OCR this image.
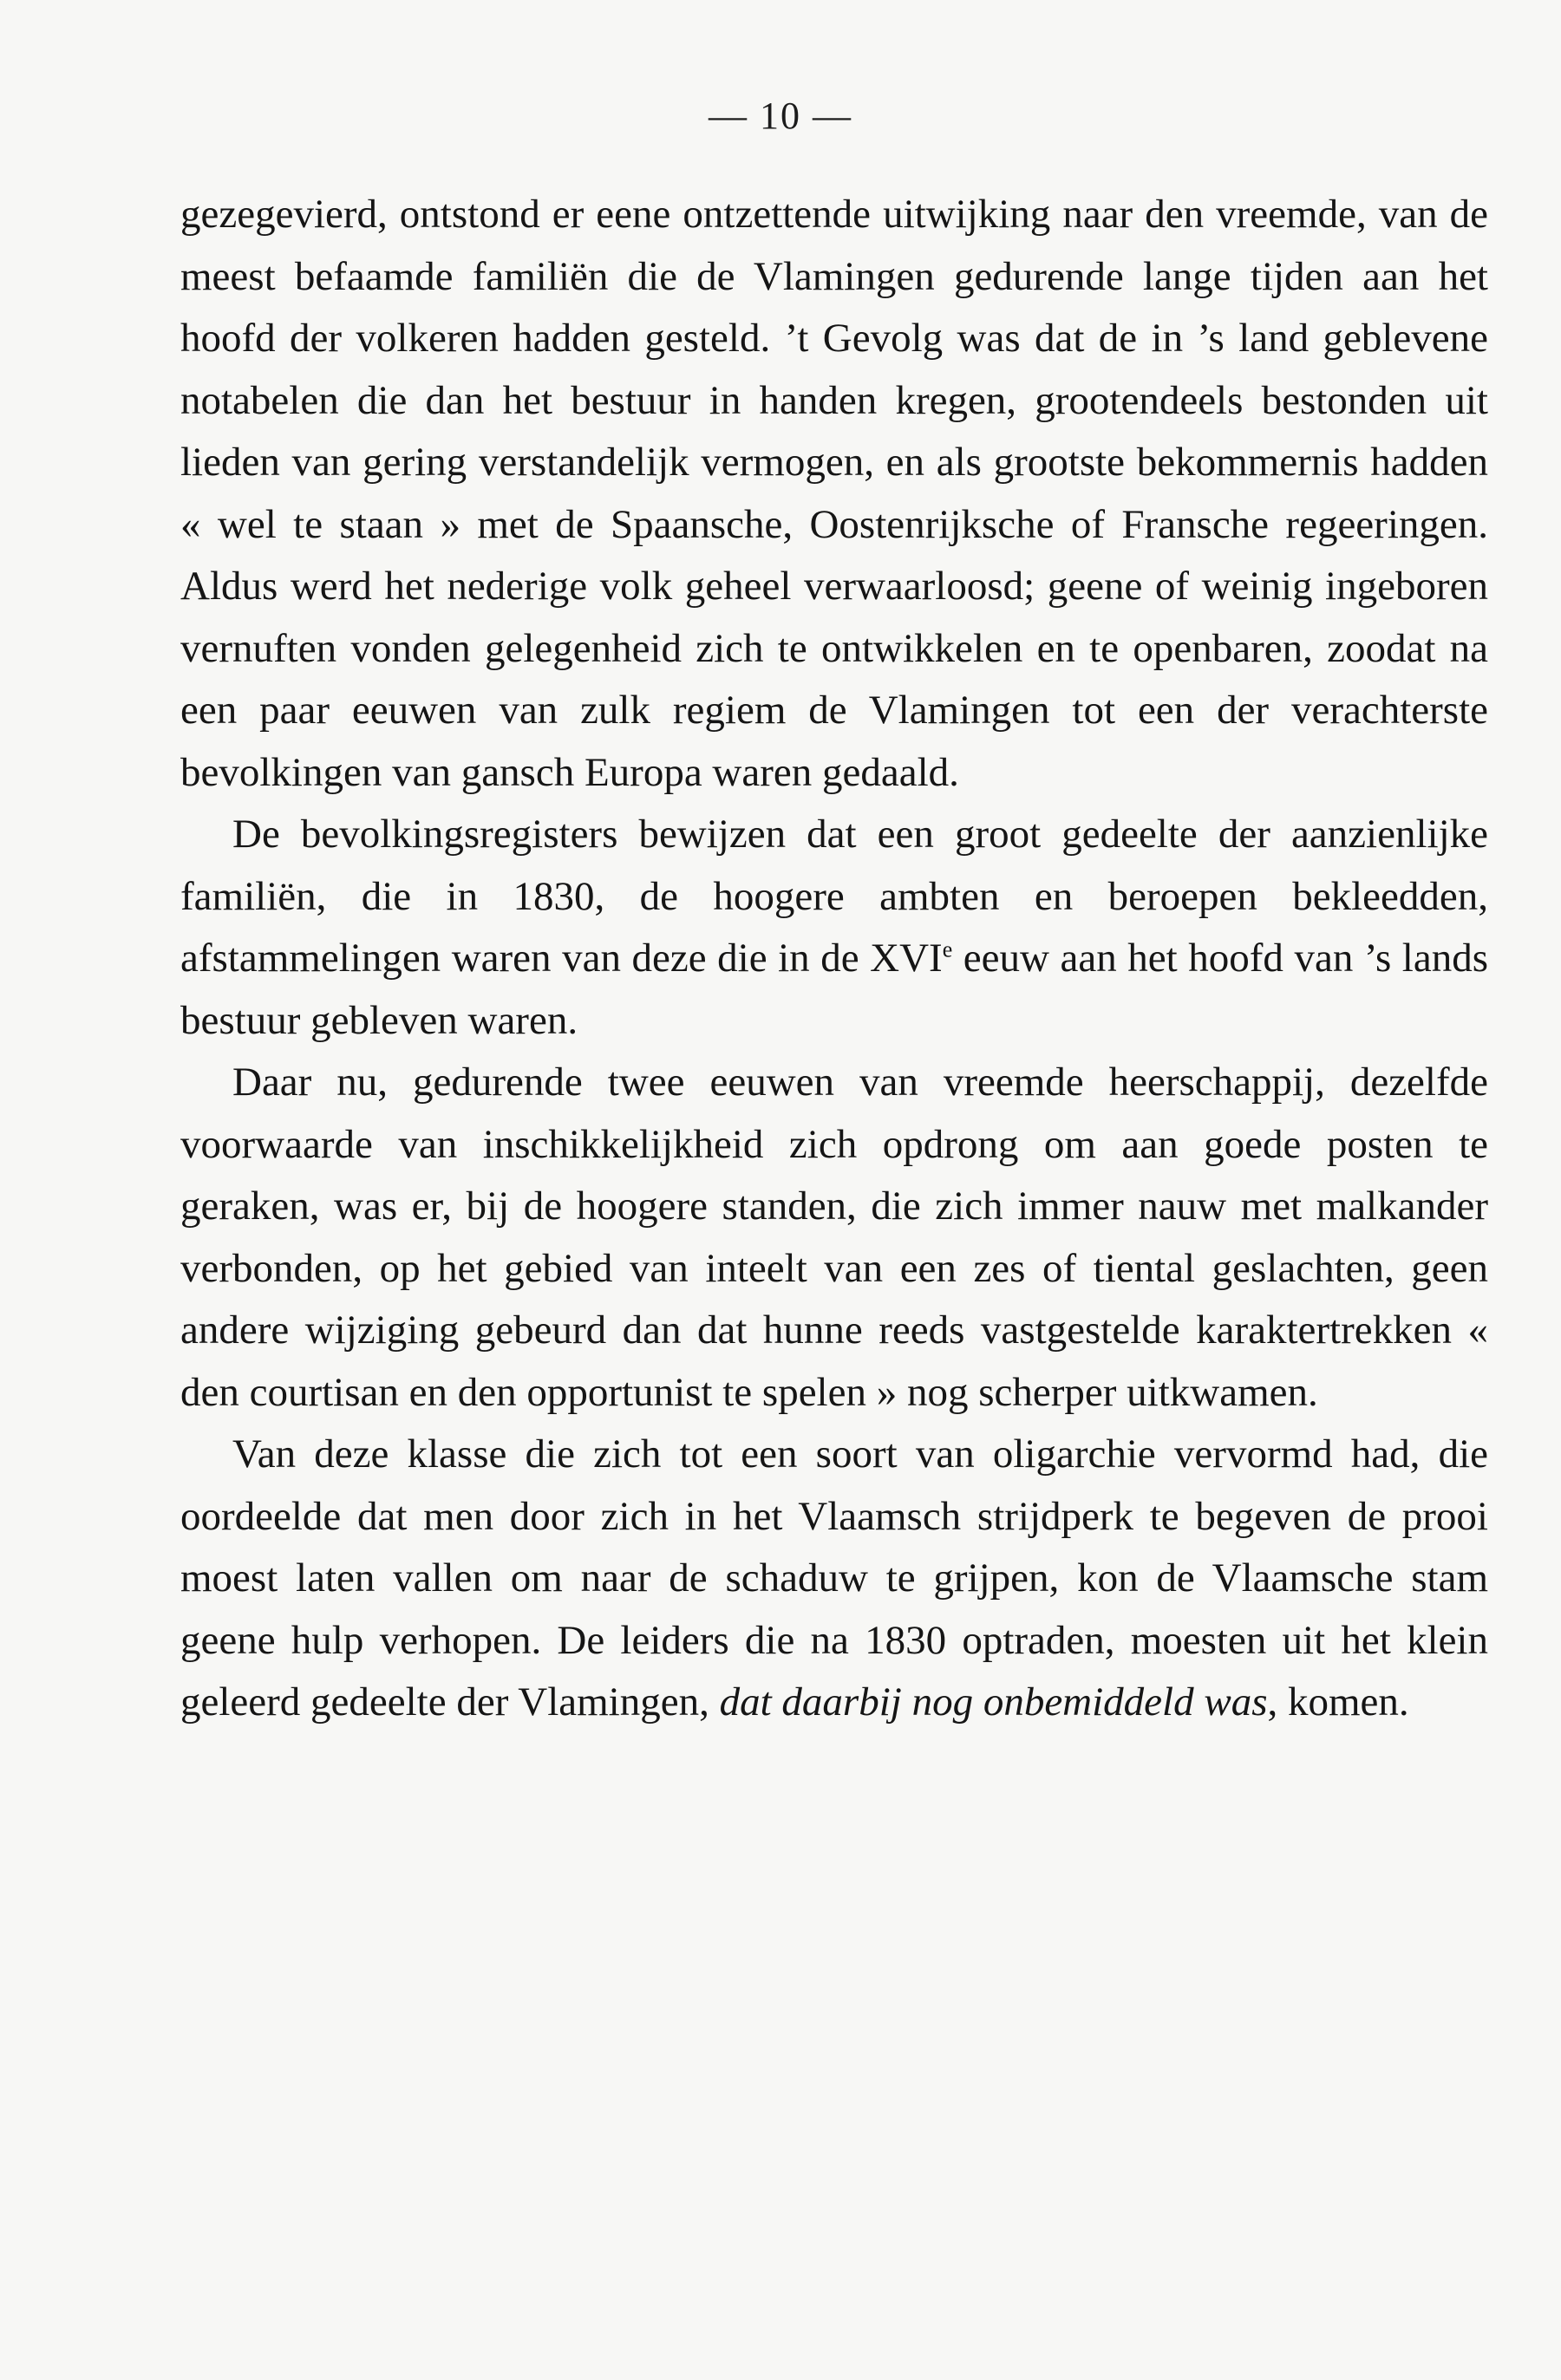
— 10 —

gezegevierd, ontstond er eene ontzettende uitwijking naar den vreemde, van de meest befaamde familiën die de Vlamingen gedurende lange tijden aan het hoofd der volkeren hadden gesteld. ’t Gevolg was dat de in ’s land geblevene notabelen die dan het bestuur in handen kregen, grootendeels bestonden uit lieden van gering verstandelijk vermogen, en als grootste bekommernis hadden « wel te staan » met de Spaansche, Oostenrijksche of Fransche regeeringen. Aldus werd het nederige volk geheel verwaarloosd; geene of weinig ingeboren vernuften vonden gelegenheid zich te ontwikkelen en te openbaren, zoodat na een paar eeuwen van zulk regiem de Vlamingen tot een der verachterste bevolkingen van gansch Europa waren gedaald.

De bevolkingsregisters bewijzen dat een groot gedeelte der aanzienlijke familiën, die in 1830, de hoogere ambten en beroepen bekleedden, afstammelingen waren van deze die in de XVIe eeuw aan het hoofd van ’s lands bestuur gebleven waren.

Daar nu, gedurende twee eeuwen van vreemde heerschappij, dezelfde voorwaarde van inschikkelijkheid zich opdrong om aan goede posten te geraken, was er, bij de hoogere standen, die zich immer nauw met malkander verbonden, op het gebied van inteelt van een zes of tiental geslachten, geen andere wijziging gebeurd dan dat hunne reeds vastgestelde karaktertrekken « den courtisan en den opportunist te spelen » nog scherper uitkwamen.

Van deze klasse die zich tot een soort van oligarchie vervormd had, die oordeelde dat men door zich in het Vlaamsch strijdperk te begeven de prooi moest laten vallen om naar de schaduw te grijpen, kon de Vlaamsche stam geene hulp verhopen. De leiders die na 1830 optraden, moesten uit het klein geleerd gedeelte der Vlamingen, dat daarbij nog onbemiddeld was, komen.
